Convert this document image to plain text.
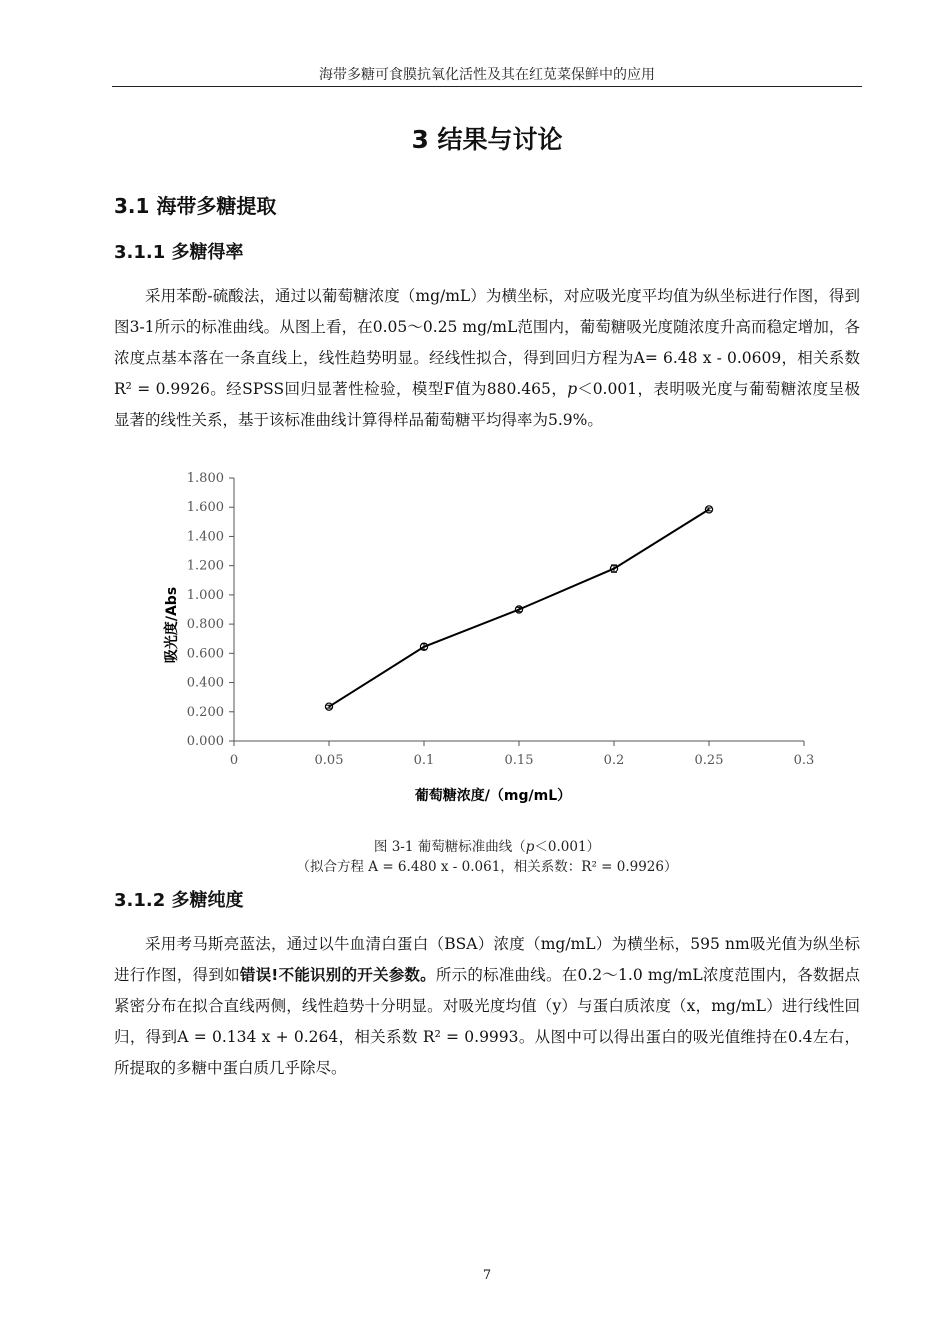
海带多糖可食膜抗氧化活性及其在红苋菜保鲜中的应用
3 结果与讨论
3.1 海带多糖提取
3.1.1 多糖得率
采用苯酚-硫酸法，通过以葡萄糖浓度（mg/mL）为横坐标，对应吸光度平均值为纵坐标进行作图，得到图3-1所示的标准曲线。从图上看，在0.05～0.25 mg/mL范围内，葡萄糖吸光度随浓度升高而稳定增加，各浓度点基本落在一条直线上，线性趋势明显。经线性拟合，得到回归方程为A= 6.48 x - 0.0609，相关系数R² = 0.9926。经SPSS回归显著性检验，模型F值为880.465，p＜0.001，表明吸光度与葡萄糖浓度呈极显著的线性关系，基于该标准曲线计算得样品葡萄糖平均得率为5.9%。
0.000
0.200
0.400
0.600
0.800
1.000
1.200
1.400
1.600
1.800
0	0.05	0.1	0.15	0.2	0.25	0.3
葡萄糖浓度/（mg/mL）
吸光度/Abs
图 3-1 葡萄糖标准曲线（p＜0.001）
（拟合方程 A = 6.480 x - 0.061，相关系数：R² = 0.9926）
3.1.2 多糖纯度
采用考马斯亮蓝法，通过以牛血清白蛋白（BSA）浓度（mg/mL）为横坐标，595 nm吸光值为纵坐标进行作图，得到如错误!不能识别的开关参数。所示的标准曲线。在0.2～1.0 mg/mL浓度范围内，各数据点紧密分布在拟合直线两侧，线性趋势十分明显。对吸光度均值（y）与蛋白质浓度（x，mg/mL）进行线性回归，得到A = 0.134 x + 0.264，相关系数 R² = 0.9993。从图中可以得出蛋白的吸光值维持在0.4左右，所提取的多糖中蛋白质几乎除尽。
7
